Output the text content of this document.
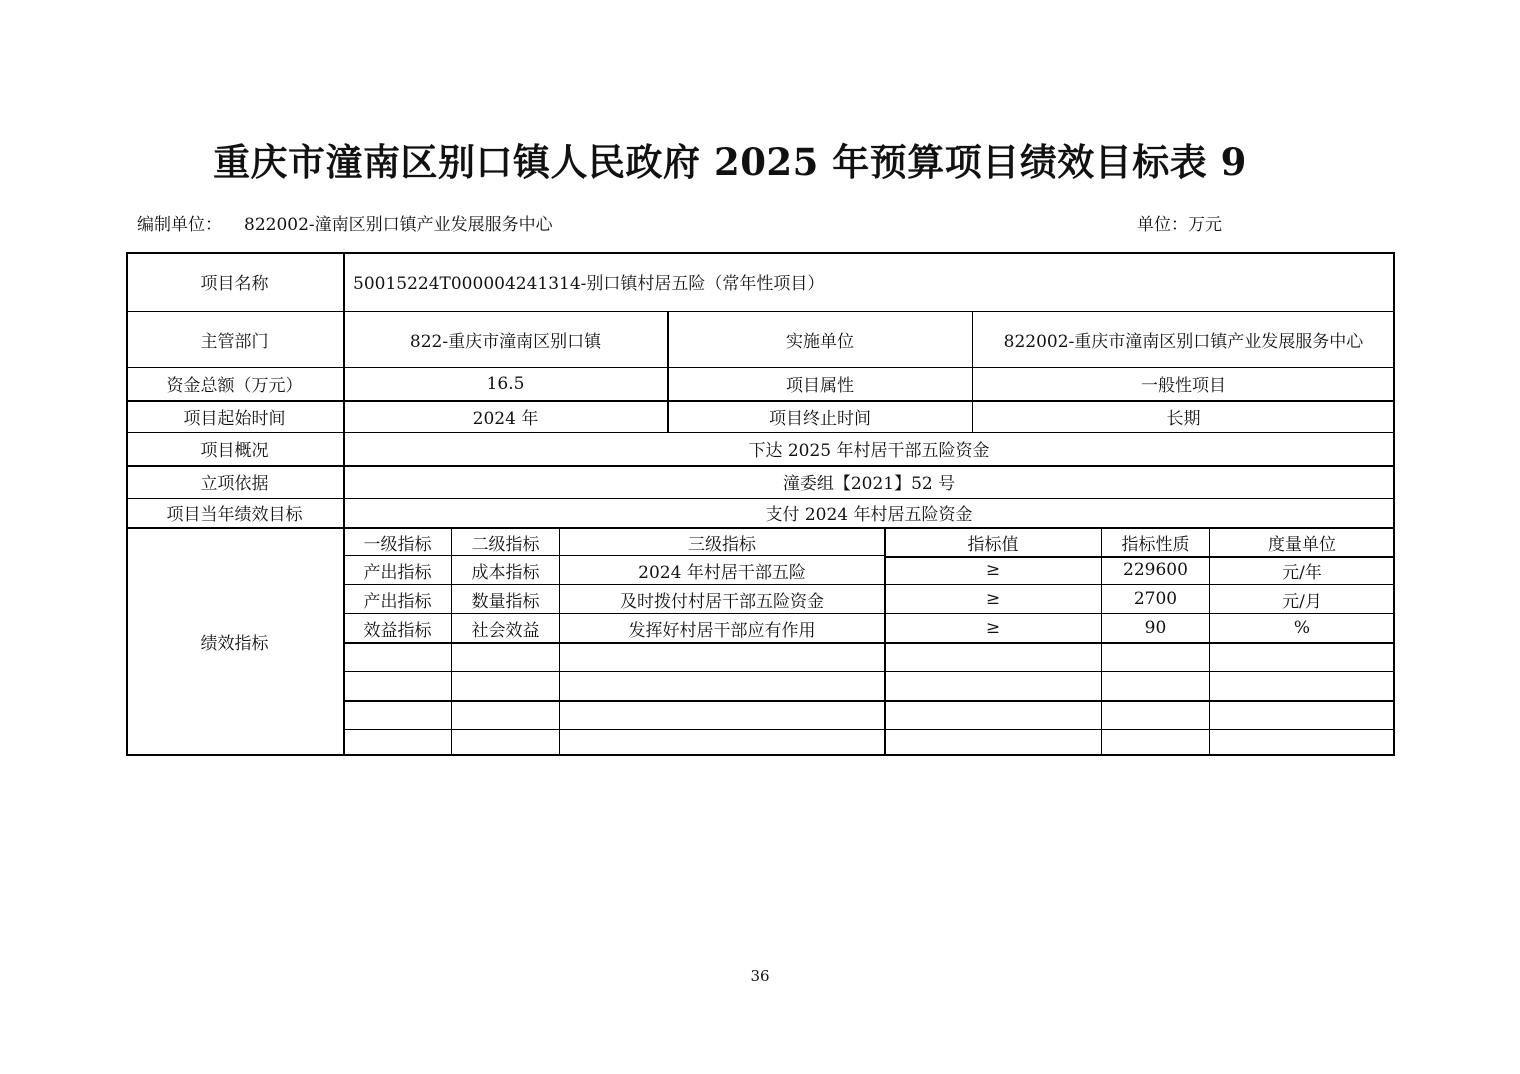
重庆市潼南区别口镇人民政府 2025 年预算项目绩效目标表 9
编制单位： 822002-潼南区别口镇产业发展服务中心	单位：万元
项目名称	50015224T000004241314-别口镇村居五险（常年性项目）
主管部门	822-重庆市潼南区别口镇	实施单位	822002-重庆市潼南区别口镇产业发展服务中心
资金总额（万元）	16.5	项目属性	一般性项目
项目起始时间	2024 年	项目终止时间	长期
项目概况	下达 2025 年村居干部五险资金
立项依据	潼委组【2021】52 号
项目当年绩效目标	支付 2024 年村居五险资金
绩效指标
一级指标	二级指标	三级指标	指标值	指标性质	度量单位
产出指标	成本指标	2024 年村居干部五险	≥	229600	元/年
产出指标	数量指标	及时拨付村居干部五险资金	≥	2700	元/月
效益指标	社会效益	发挥好村居干部应有作用	≥	90	%
36
